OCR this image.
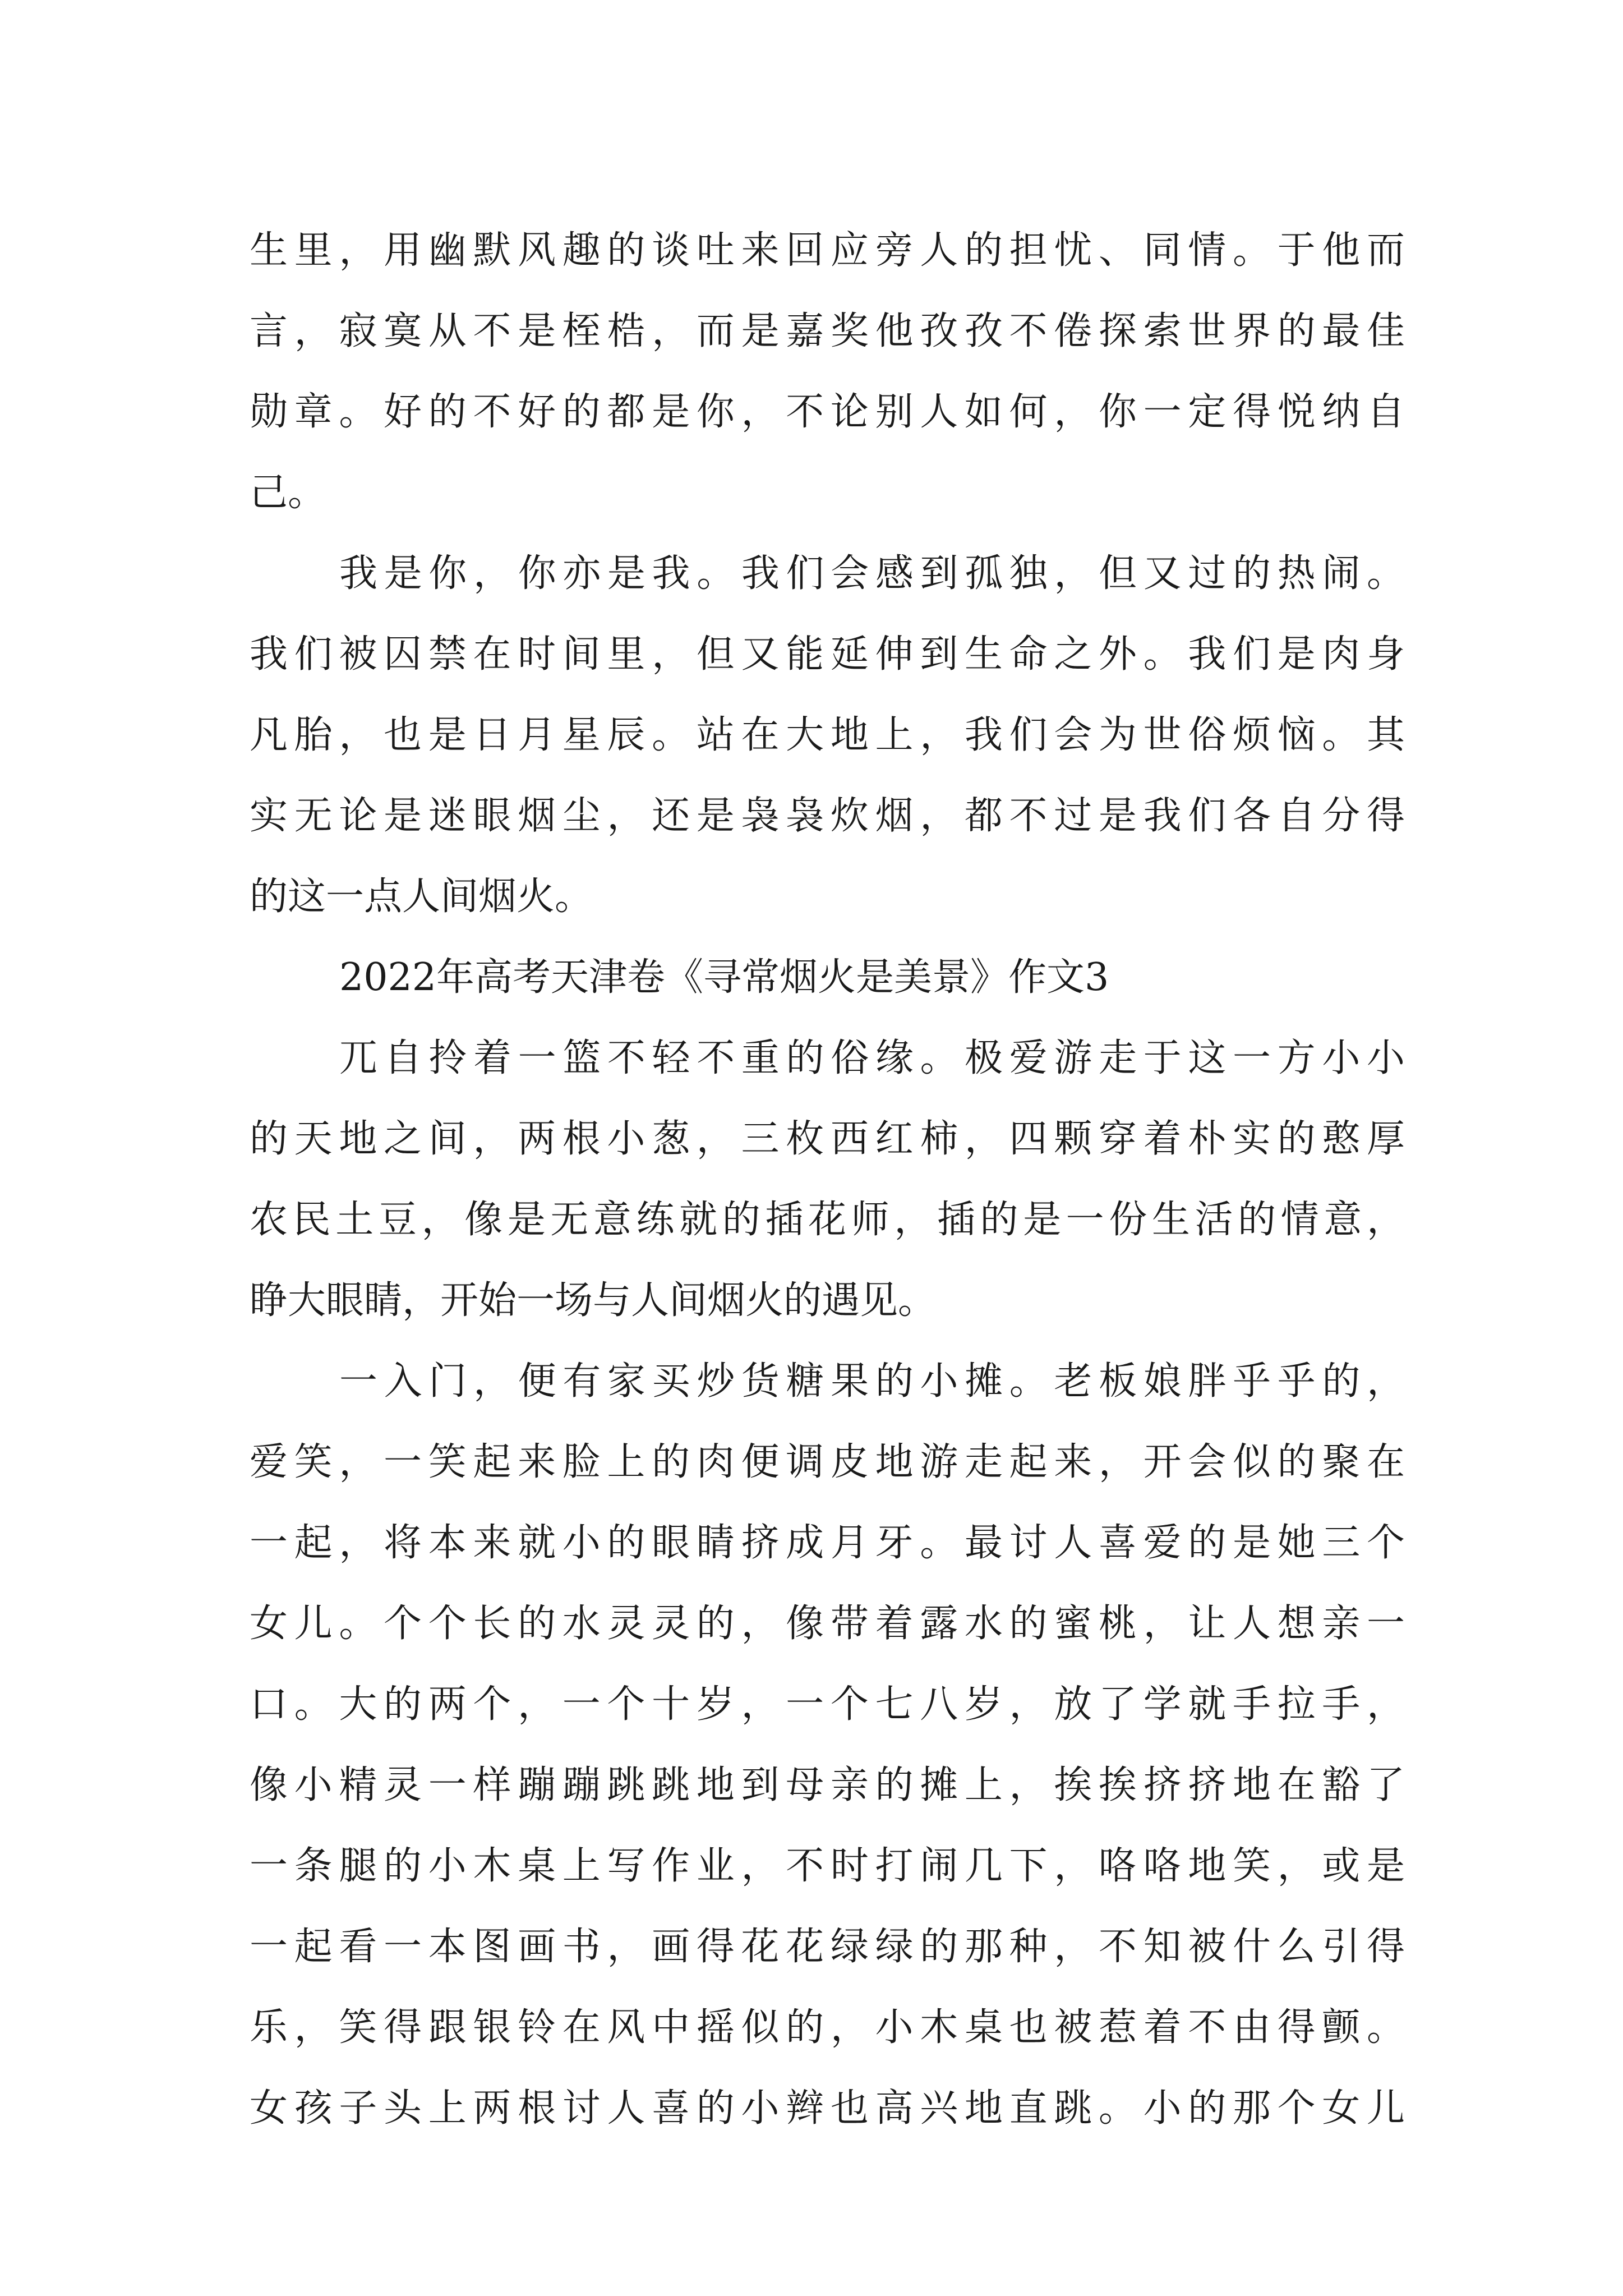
生里，用幽默风趣的谈吐来回应旁人的担忧、同情。于他而
言，寂寞从不是桎梏，而是嘉奖他孜孜不倦探索世界的最佳
勋章。好的不好的都是你，不论别人如何，你一定得悦纳自
己。
我是你，你亦是我。我们会感到孤独，但又过的热闹。
我们被囚禁在时间里，但又能延伸到生命之外。我们是肉身
凡胎，也是日月星辰。站在大地上，我们会为世俗烦恼。其
实无论是迷眼烟尘，还是袅袅炊烟，都不过是我们各自分得
的这一点人间烟火。
2022年高考天津卷《寻常烟火是美景》作文3
兀自拎着一篮不轻不重的俗缘。极爱游走于这一方小小
的天地之间，两根小葱，三枚西红柿，四颗穿着朴实的憨厚
农民土豆，像是无意练就的插花师，插的是一份生活的情意，
睁大眼睛，开始一场与人间烟火的遇见。
一入门，便有家买炒货糖果的小摊。老板娘胖乎乎的，
爱笑，一笑起来脸上的肉便调皮地游走起来，开会似的聚在
一起，将本来就小的眼睛挤成月牙。最讨人喜爱的是她三个
女儿。个个长的水灵灵的，像带着露水的蜜桃，让人想亲一
口。大的两个，一个十岁，一个七八岁，放了学就手拉手，
像小精灵一样蹦蹦跳跳地到母亲的摊上，挨挨挤挤地在豁了
一条腿的小木桌上写作业，不时打闹几下，咯咯地笑，或是
一起看一本图画书，画得花花绿绿的那种，不知被什么引得
乐，笑得跟银铃在风中摇似的，小木桌也被惹着不由得颤。
女孩子头上两根讨人喜的小辫也高兴地直跳。小的那个女儿
